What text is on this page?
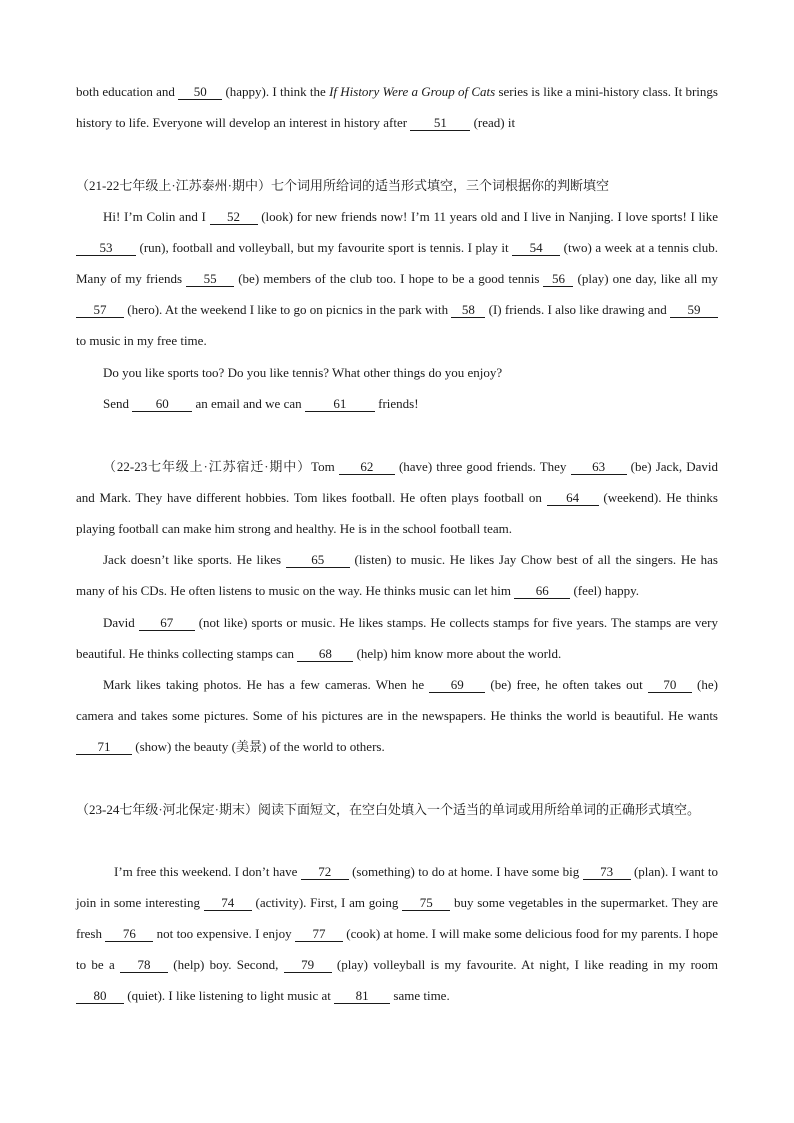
both education and 50 (happy). I think the If History Were a Group of Cats series is like a mini-history class. It brings history to life. Everyone will develop an interest in history after 51 (read) it

（21-22七年级上·江苏泰州·期中）七个词用所给词的适当形式填空，三个词根据你的判断填空

Hi! I’m Colin and I 52 (look) for new friends now! I’m 11 years old and I live in Nanjing. I love sports! I like 53 (run), football and volleyball, but my favourite sport is tennis. I play it 54 (two) a week at a tennis club. Many of my friends 55 (be) members of the club too. I hope to be a good tennis 56 (play) one day, like all my 57 (hero). At the weekend I like to go on picnics in the park with 58 (I) friends. I also like drawing and 59 to music in my free time.

Do you like sports too? Do you like tennis? What other things do you enjoy?

Send 60 an email and we can 61 friends!

（22-23七年级上·江苏宿迁·期中）Tom 62 (have) three good friends. They 63 (be) Jack, David and Mark. They have different hobbies. Tom likes football. He often plays football on 64 (weekend). He thinks playing football can make him strong and healthy. He is in the school football team.

Jack doesn’t like sports. He likes 65 (listen) to music. He likes Jay Chow best of all the singers. He has many of his CDs. He often listens to music on the way. He thinks music can let him 66 (feel) happy.

David 67 (not like) sports or music. He likes stamps. He collects stamps for five years. The stamps are very beautiful. He thinks collecting stamps can 68 (help) him know more about the world.

Mark likes taking photos. He has a few cameras. When he 69 (be) free, he often takes out 70 (he) camera and takes some pictures. Some of his pictures are in the newspapers. He thinks the world is beautiful. He wants 71 (show) the beauty (美景) of the world to others.

（23-24七年级·河北保定·期末）阅读下面短文，在空白处填入一个适当的单词或用所给单词的正确形式填空。

I’m free this weekend. I don’t have 72 (something) to do at home. I have some big 73 (plan). I want to join in some interesting 74 (activity). First, I am going 75 buy some vegetables in the supermarket. They are fresh 76 not too expensive. I enjoy 77 (cook) at home. I will make some delicious food for my parents. I hope to be a 78 (help) boy. Second, 79 (play) volleyball is my favourite. At night, I like reading in my room 80 (quiet). I like listening to light music at 81 same time.
